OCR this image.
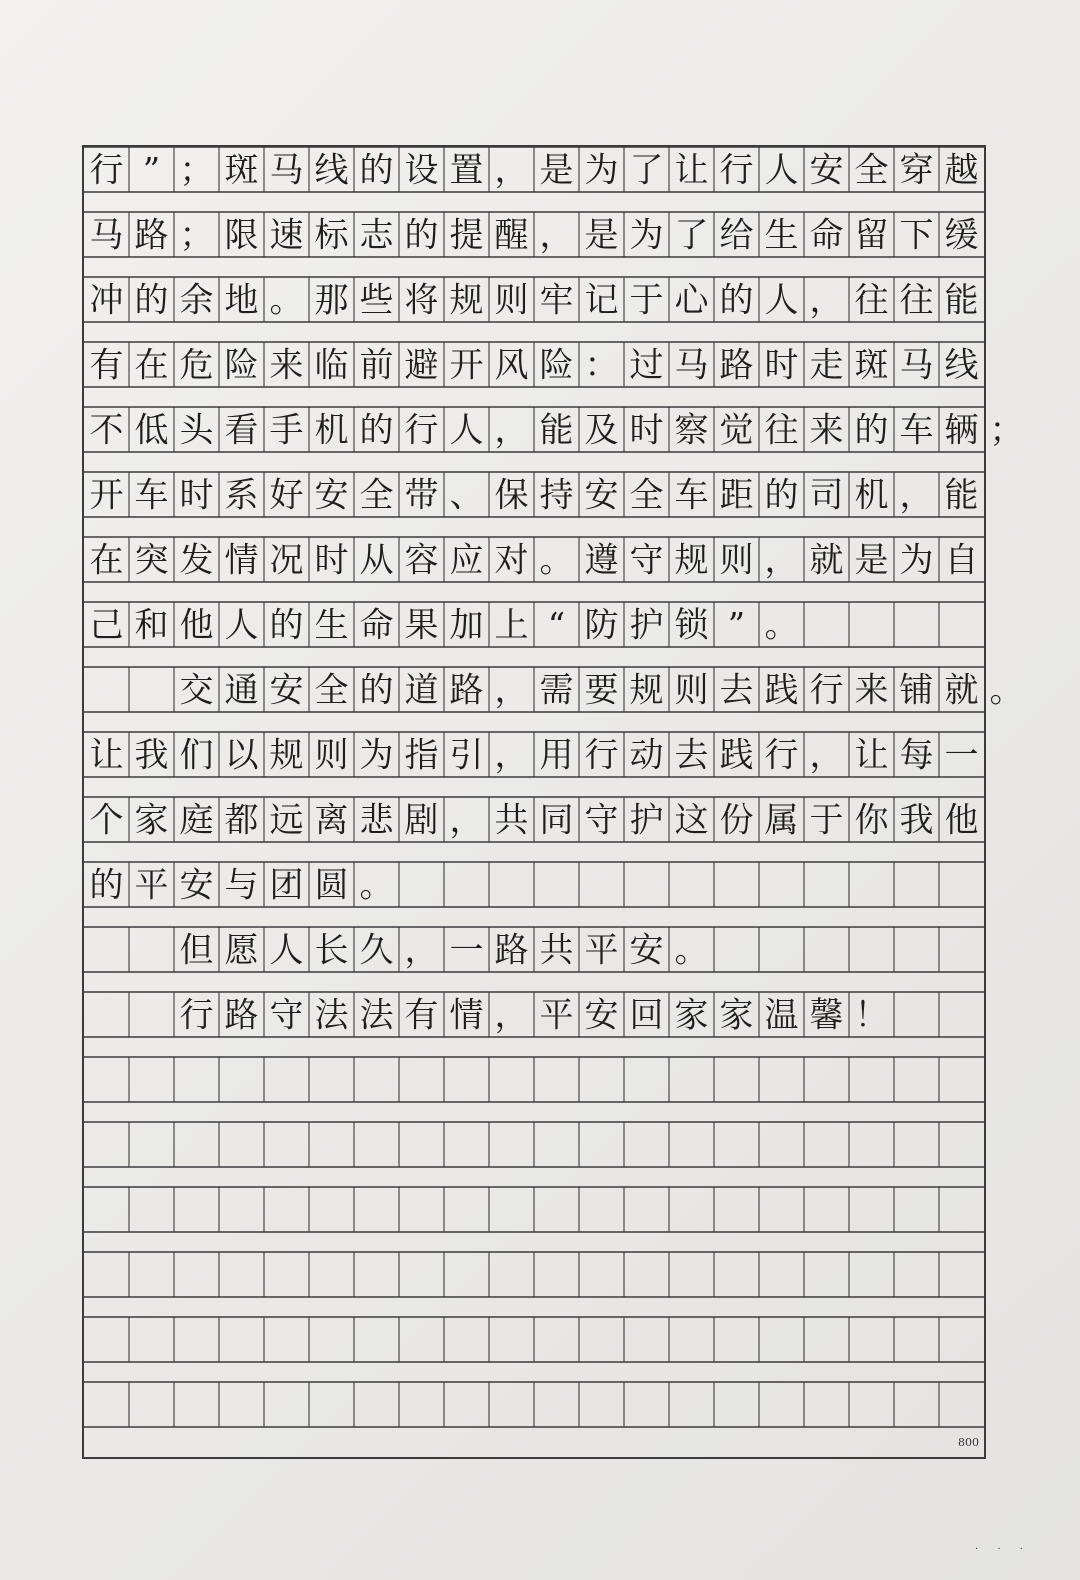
行 ” ； 斑 马 线 的 设 置 ， 是 为 了 让 行 人 安 全 穿 越
马 路 ； 限 速 标 志 的 提 醒 ， 是 为 了 给 生 命 留 下 缓
冲 的 余 地 。 那 些 将 规 则 牢 记 于 心 的 人 ， 往 往 能
有 在 危 险 来 临 前 避 开 风 险 ： 过 马 路 时 走 斑 马 线
不 低 头 看 手 机 的 行 人 ， 能 及 时 察 觉 往 来 的 车 辆 ；
开 车 时 系 好 安 全 带 、 保 持 安 全 车 距 的 司 机 ， 能
在 突 发 情 况 时 从 容 应 对 。 遵 守 规 则 ， 就 是 为 自
己 和 他 人 的 生 命 果 加 上 “ 防 护 锁 ” 。
交 通 安 全 的 道 路 ， 需 要 规 则 去 践 行 来 铺 就 。
让 我 们 以 规 则 为 指 引 ， 用 行 动 去 践 行 ， 让 每 一
个 家 庭 都 远 离 悲 剧 ， 共 同 守 护 这 份 属 于 你 我 他
的 平 安 与 团 圆 。
但 愿 人 长 久 ， 一 路 共 平 安 。
行 路 守 法 法 有 情 ， 平 安 回 家 家 温 馨 ！
800
· · ·
